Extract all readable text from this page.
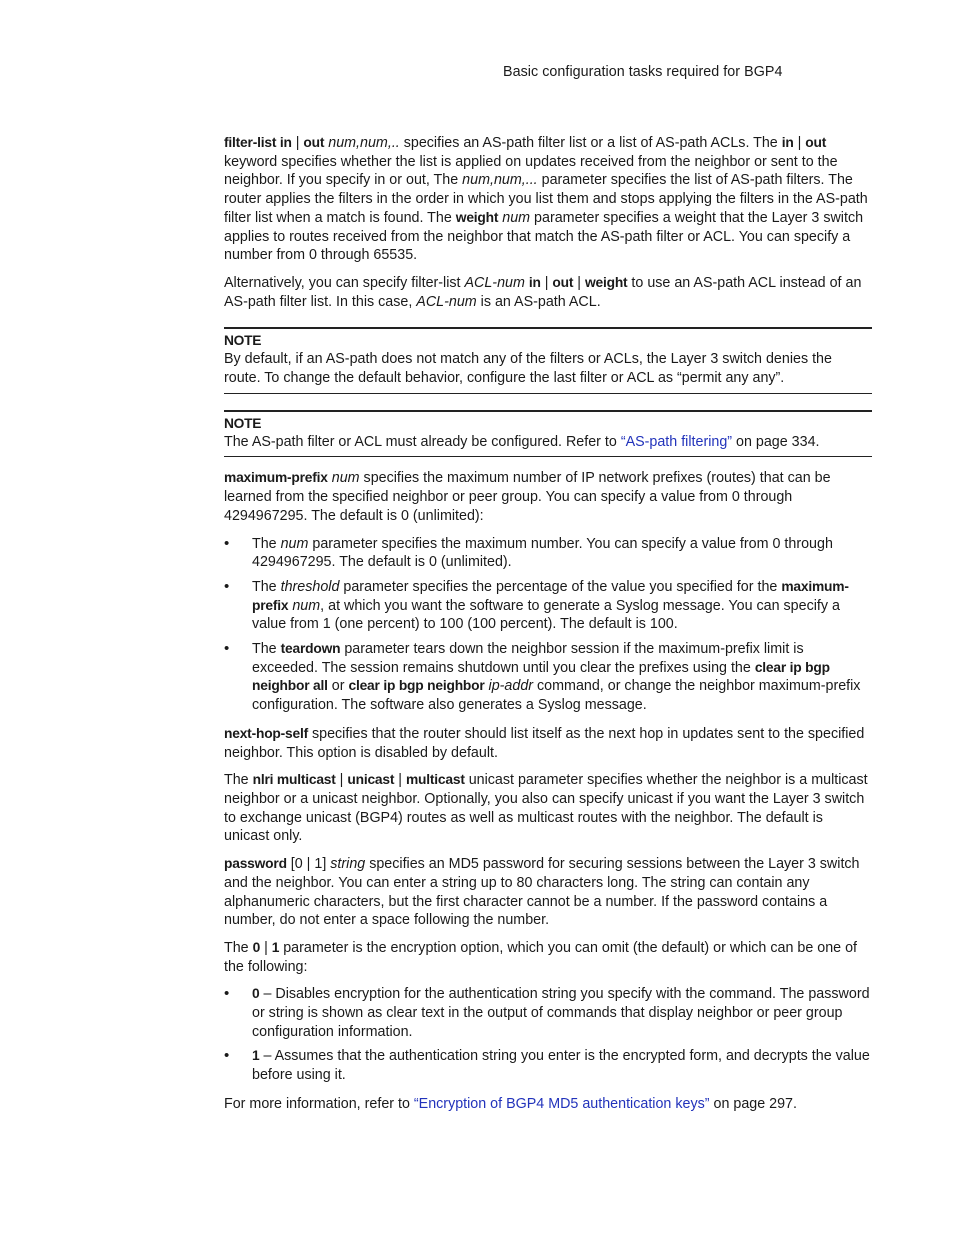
Basic configuration tasks required for BGP4

filter-list in | out num,num,.. specifies an AS-path filter list or a list of AS-path ACLs. The in | out keyword specifies whether the list is applied on updates received from the neighbor or sent to the neighbor. If you specify in or out, The num,num,... parameter specifies the list of AS-path filters. The router applies the filters in the order in which you list them and stops applying the filters in the AS-path filter list when a match is found. The weight num parameter specifies a weight that the Layer 3 switch applies to routes received from the neighbor that match the AS-path filter or ACL. You can specify a number from 0 through 65535.

Alternatively, you can specify filter-list ACL-num in | out | weight to use an AS-path ACL instead of an AS-path filter list. In this case, ACL-num is an AS-path ACL.

NOTE
By default, if an AS-path does not match any of the filters or ACLs, the Layer 3 switch denies the route. To change the default behavior, configure the last filter or ACL as “permit any any”.
NOTE
The AS-path filter or ACL must already be configured. Refer to “AS-path filtering” on page 334.

maximum-prefix num specifies the maximum number of IP network prefixes (routes) that can be learned from the specified neighbor or peer group. You can specify a value from 0 through 4294967295. The default is 0 (unlimited):

• The num parameter specifies the maximum number. You can specify a value from 0 through 4294967295. The default is 0 (unlimited).
• The threshold parameter specifies the percentage of the value you specified for the maximum-prefix num, at which you want the software to generate a Syslog message. You can specify a value from 1 (one percent) to 100 (100 percent). The default is 100.
• The teardown parameter tears down the neighbor session if the maximum-prefix limit is exceeded. The session remains shutdown until you clear the prefixes using the clear ip bgp neighbor all or clear ip bgp neighbor ip-addr command, or change the neighbor maximum-prefix configuration. The software also generates a Syslog message.

next-hop-self specifies that the router should list itself as the next hop in updates sent to the specified neighbor. This option is disabled by default.

The nlri multicast | unicast | multicast unicast parameter specifies whether the neighbor is a multicast neighbor or a unicast neighbor. Optionally, you also can specify unicast if you want the Layer 3 switch to exchange unicast (BGP4) routes as well as multicast routes with the neighbor. The default is unicast only.

password [0 | 1] string specifies an MD5 password for securing sessions between the Layer 3 switch and the neighbor. You can enter a string up to 80 characters long. The string can contain any alphanumeric characters, but the first character cannot be a number. If the password contains a number, do not enter a space following the number.

The 0 | 1 parameter is the encryption option, which you can omit (the default) or which can be one of the following:

• 0 – Disables encryption for the authentication string you specify with the command. The password or string is shown as clear text in the output of commands that display neighbor or peer group configuration information.
• 1 – Assumes that the authentication string you enter is the encrypted form, and decrypts the value before using it.

For more information, refer to “Encryption of BGP4 MD5 authentication keys” on page 297.
